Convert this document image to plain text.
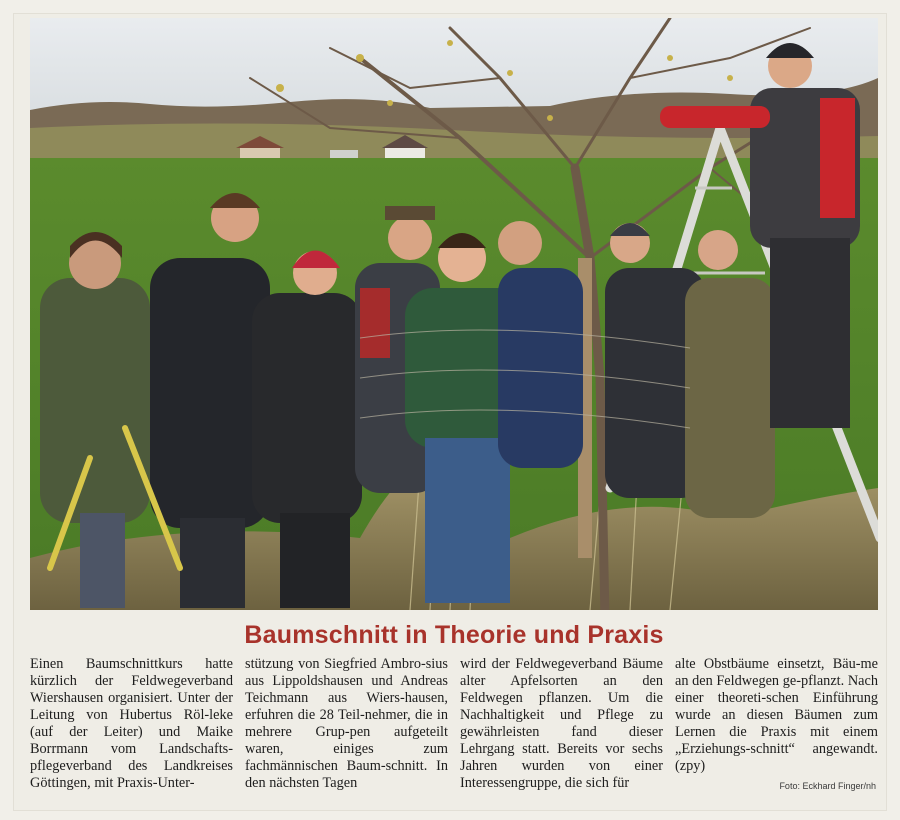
Baumschnitt in Theorie und Praxis
Einen Baumschnittkurs hatte kürzlich der Feldwegeverband Wiershausen organisiert. Unter der Leitung von Hubertus Röl-leke (auf der Leiter) und Maike Borrmann vom Landschafts-pflegeverband des Landkreises Göttingen, mit Praxis-Unter-
stützung von Siegfried Ambro-sius aus Lippoldshausen und Andreas Teichmann aus Wiers-hausen, erfuhren die 28 Teil-nehmer, die in mehrere Grup-pen aufgeteilt waren, einiges zum fachmännischen Baum-schnitt. In den nächsten Tagen
wird der Feldwegeverband Bäume alter Apfelsorten an den Feldwegen pflanzen. Um die Nachhaltigkeit und Pflege zu gewährleisten fand dieser Lehrgang statt. Bereits vor sechs Jahren wurden von einer Interessengruppe, die sich für
alte Obstbäume einsetzt, Bäu-me an den Feldwegen ge-pflanzt. Nach einer theoreti-schen Einführung wurde an diesen Bäumen zum Lernen die Praxis mit einem „Erziehungs-schnitt“ angewandt. (zpy)
Foto: Eckhard Finger/nh
